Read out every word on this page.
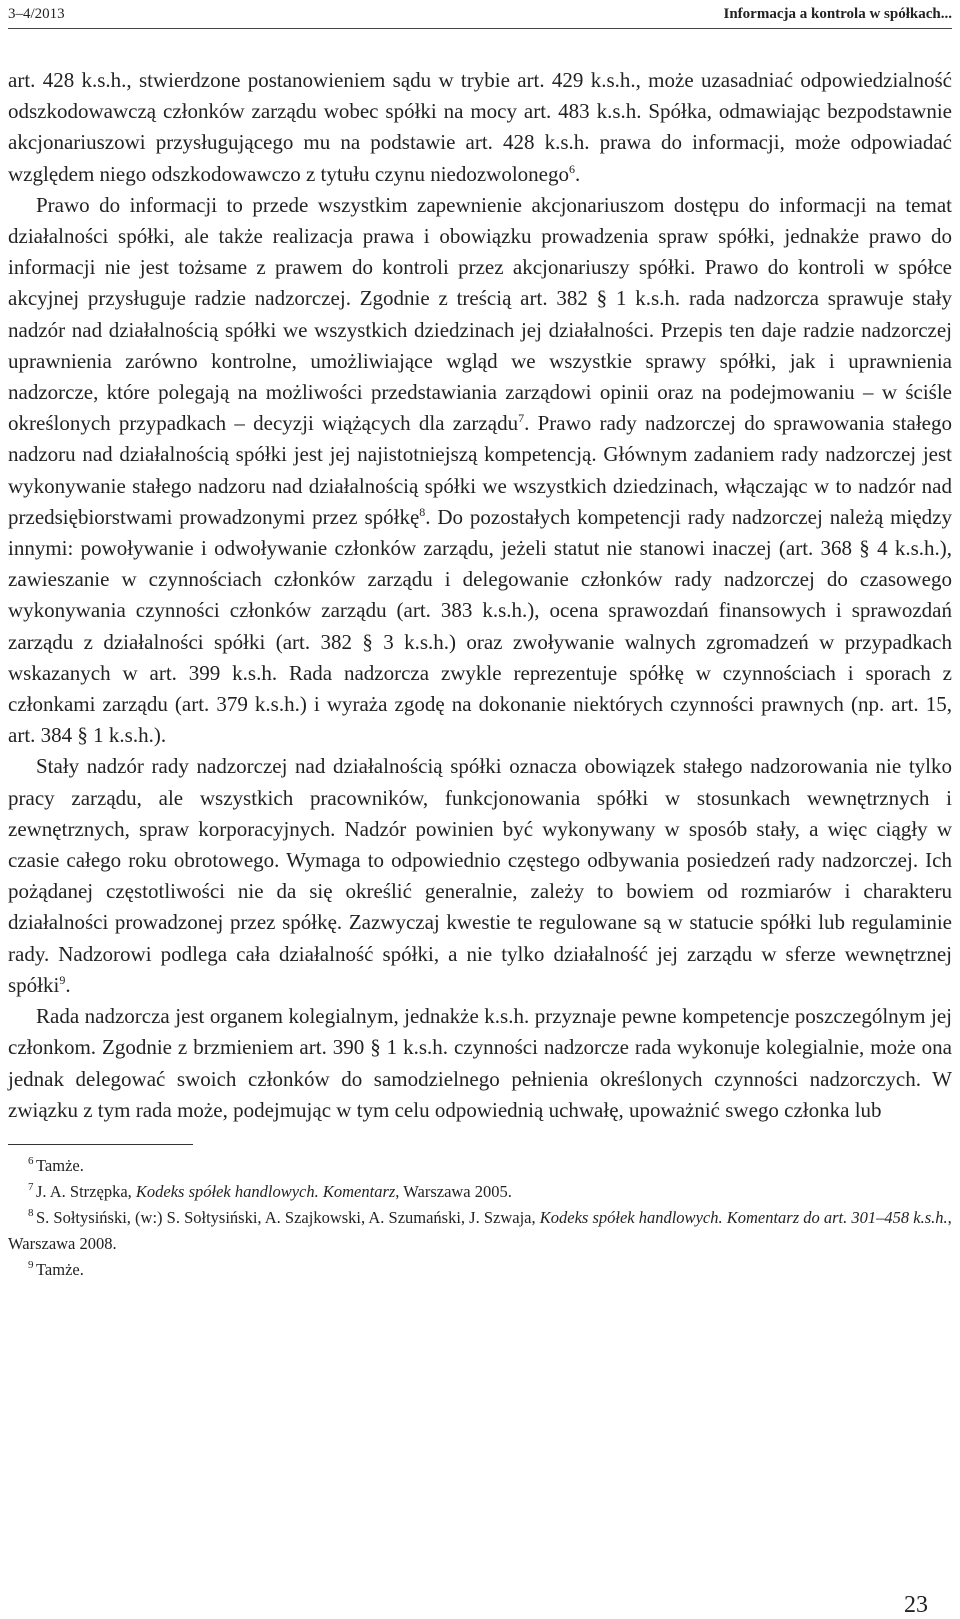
3–4/2013	Informacja a kontrola w spółkach...

art. 428 k.s.h., stwierdzone postanowieniem sądu w trybie art. 429 k.s.h., może uzasadniać odpowiedzialność odszkodowawczą członków zarządu wobec spółki na mocy art. 483 k.s.h. Spółka, odmawiając bezpodstawnie akcjonariuszowi przysługującego mu na podstawie art. 428 k.s.h. prawa do informacji, może odpowiadać względem niego odszkodowawczo z tytułu czynu niedozwolonego$^6$.

Prawo do informacji to przede wszystkim zapewnienie akcjonariuszom dostępu do informacji na temat działalności spółki, ale także realizacja prawa i obowiązku prowadzenia spraw spółki, jednakże prawo do informacji nie jest tożsame z prawem do kontroli przez akcjonariuszy spółki. Prawo do kontroli w spółce akcyjnej przysługuje radzie nadzorczej. Zgodnie z treścią art. 382 § 1 k.s.h. rada nadzorcza sprawuje stały nadzór nad działalnością spółki we wszystkich dziedzinach jej działalności. Przepis ten daje radzie nadzorczej uprawnienia zarówno kontrolne, umożliwiające wgląd we wszystkie sprawy spółki, jak i uprawnienia nadzorcze, które polegają na możliwości przedstawiania zarządowi opinii oraz na podejmowaniu – w ściśle określonych przypadkach – decyzji wiążących dla zarządu$^7$. Prawo rady nadzorczej do sprawowania stałego nadzoru nad działalnością spółki jest jej najistotniejszą kompetencją. Głównym zadaniem rady nadzorczej jest wykonywanie stałego nadzoru nad działalnością spółki we wszystkich dziedzinach, włączając w to nadzór nad przedsiębiorstwami prowadzonymi przez spółkę$^8$. Do pozostałych kompetencji rady nadzorczej należą między innymi: powoływanie i odwoływanie członków zarządu, jeżeli statut nie stanowi inaczej (art. 368 § 4 k.s.h.), zawieszanie w czynnościach członków zarządu i delegowanie członków rady nadzorczej do czasowego wykonywania czynności członków zarządu (art. 383 k.s.h.), ocena sprawozdań finansowych i sprawozdań zarządu z działalności spółki (art. 382 § 3 k.s.h.) oraz zwoływanie walnych zgromadzeń w przypadkach wskazanych w art. 399 k.s.h. Rada nadzorcza zwykle reprezentuje spółkę w czynnościach i sporach z członkami zarządu (art. 379 k.s.h.) i wyraża zgodę na dokonanie niektórych czynności prawnych (np. art. 15, art. 384 § 1 k.s.h.).

Stały nadzór rady nadzorczej nad działalnością spółki oznacza obowiązek stałego nadzorowania nie tylko pracy zarządu, ale wszystkich pracowników, funkcjonowania spółki w stosunkach wewnętrznych i zewnętrznych, spraw korporacyjnych. Nadzór powinien być wykonywany w sposób stały, a więc ciągły w czasie całego roku obrotowego. Wymaga to odpowiednio częstego odbywania posiedzeń rady nadzorczej. Ich pożądanej częstotliwości nie da się określić generalnie, zależy to bowiem od rozmiarów i charakteru działalności prowadzonej przez spółkę. Zazwyczaj kwestie te regulowane są w statucie spółki lub regulaminie rady. Nadzorowi podlega cała działalność spółki, a nie tylko działalność jej zarządu w sferze wewnętrznej spółki$^9$.

Rada nadzorcza jest organem kolegialnym, jednakże k.s.h. przyznaje pewne kompetencje poszczególnym jej członkom. Zgodnie z brzmieniem art. 390 § 1 k.s.h. czynności nadzorcze rada wykonuje kolegialnie, może ona jednak delegować swoich członków do samodzielnego pełnienia określonych czynności nadzorczych. W związku z tym rada może, podejmując w tym celu odpowiednią uchwałę, upoważnić swego członka lub

6 Tamże.

7 J. A. Strzępka, Kodeks spółek handlowych. Komentarz, Warszawa 2005.

8 S. Sołtysiński, (w:) S. Sołtysiński, A. Szajkowski, A. Szumański, J. Szwaja, Kodeks spółek handlowych. Komentarz do art. 301–458 k.s.h., Warszawa 2008.

9 Tamże.

23
